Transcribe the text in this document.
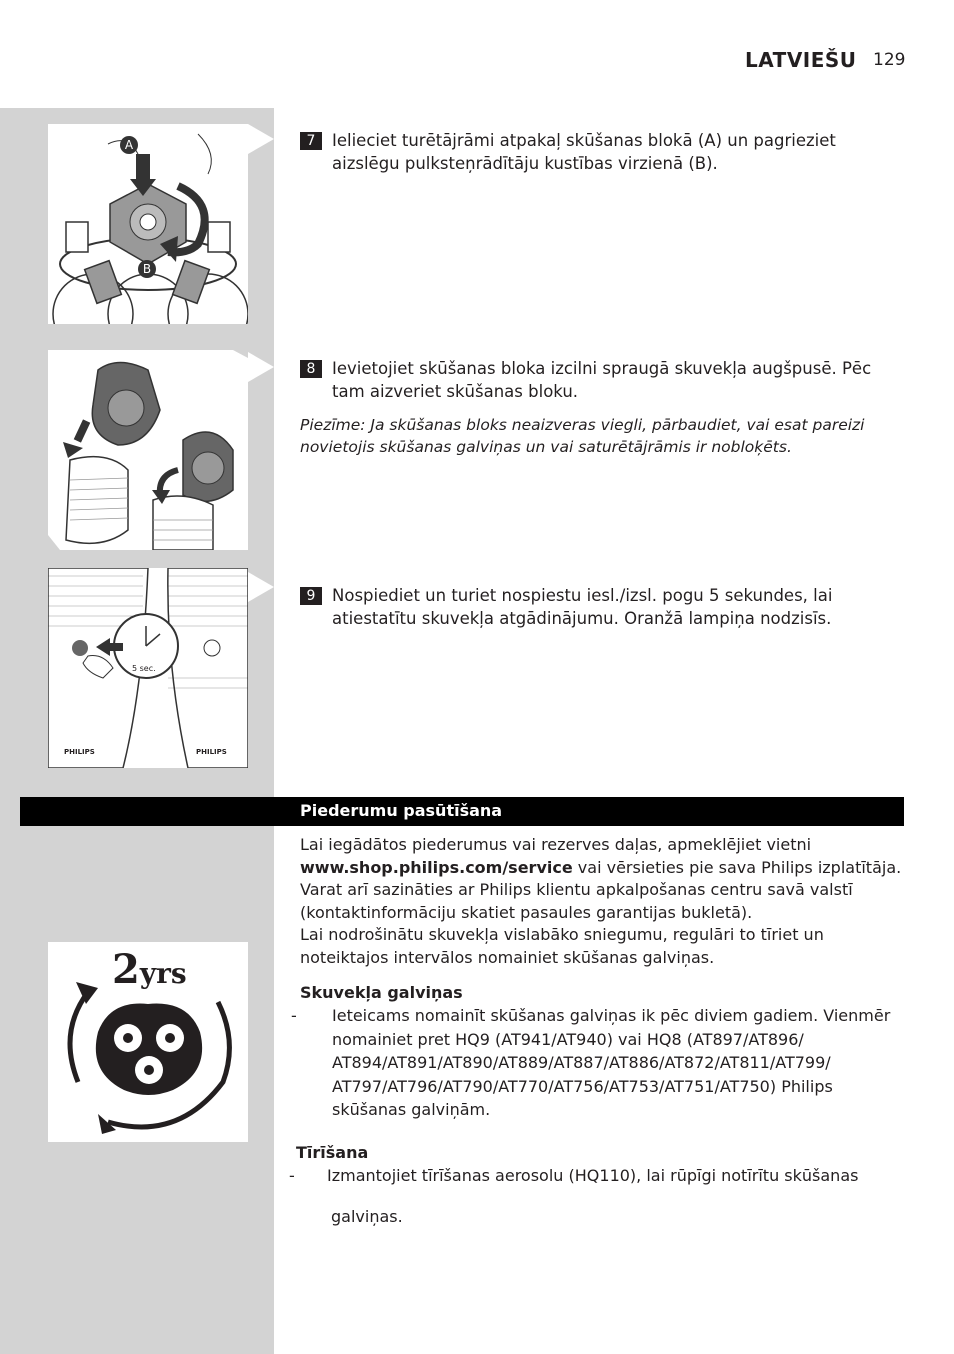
LATVIEŠU 129
A
B
5 sec.
PHILIPS	PHILIPS
7	Ielieciet turētājrāmi atpakaļ skūšanas blokā (A) un pagrieziet aizslēgu pulksteņrādītāju kustības virzienā (B).
8	Ievietojiet skūšanas bloka izcilni spraugā skuvekļa augšpusē. Pēc tam aizveriet skūšanas bloku.
Piezīme: Ja skūšanas bloks neaizveras viegli, pārbaudiet, vai esat pareizi novietojis skūšanas galviņas un vai saturētājrāmis ir nobloķēts.
9	Nospiediet un turiet nospiestu iesl./izsl. pogu 5 sekundes, lai atiestatītu skuvekļa atgādinājumu. Oranžā lampiņa nodzisīs.
Piederumu pasūtīšana
2yrs
Lai iegādātos piederumus vai rezerves daļas, apmeklējiet vietni www.shop.philips.com/service vai vērsieties pie sava Philips izplatītāja. Varat arī sazināties ar Philips klientu apkalpošanas centru savā valstī (kontaktinformāciju skatiet pasaules garantijas bukletā).
Lai nodrošinātu skuvekļa vislabāko sniegumu, regulāri to tīriet un noteiktajos intervālos nomainiet skūšanas galviņas.
Skuvekļa galviņas
- Ieteicams nomainīt skūšanas galviņas ik pēc diviem gadiem. Vienmēr nomainiet pret HQ9 (AT941/AT940) vai HQ8 (AT897/AT896/ AT894/AT891/AT890/AT889/AT887/AT886/AT872/AT811/AT799/ AT797/AT796/AT790/AT770/AT756/AT753/AT751/AT750) Philips skūšanas galviņām.
Tīrīšana
- Izmantojiet tīrīšanas aerosolu (HQ110), lai rūpīgi notīrītu skūšanas
galviņas.
